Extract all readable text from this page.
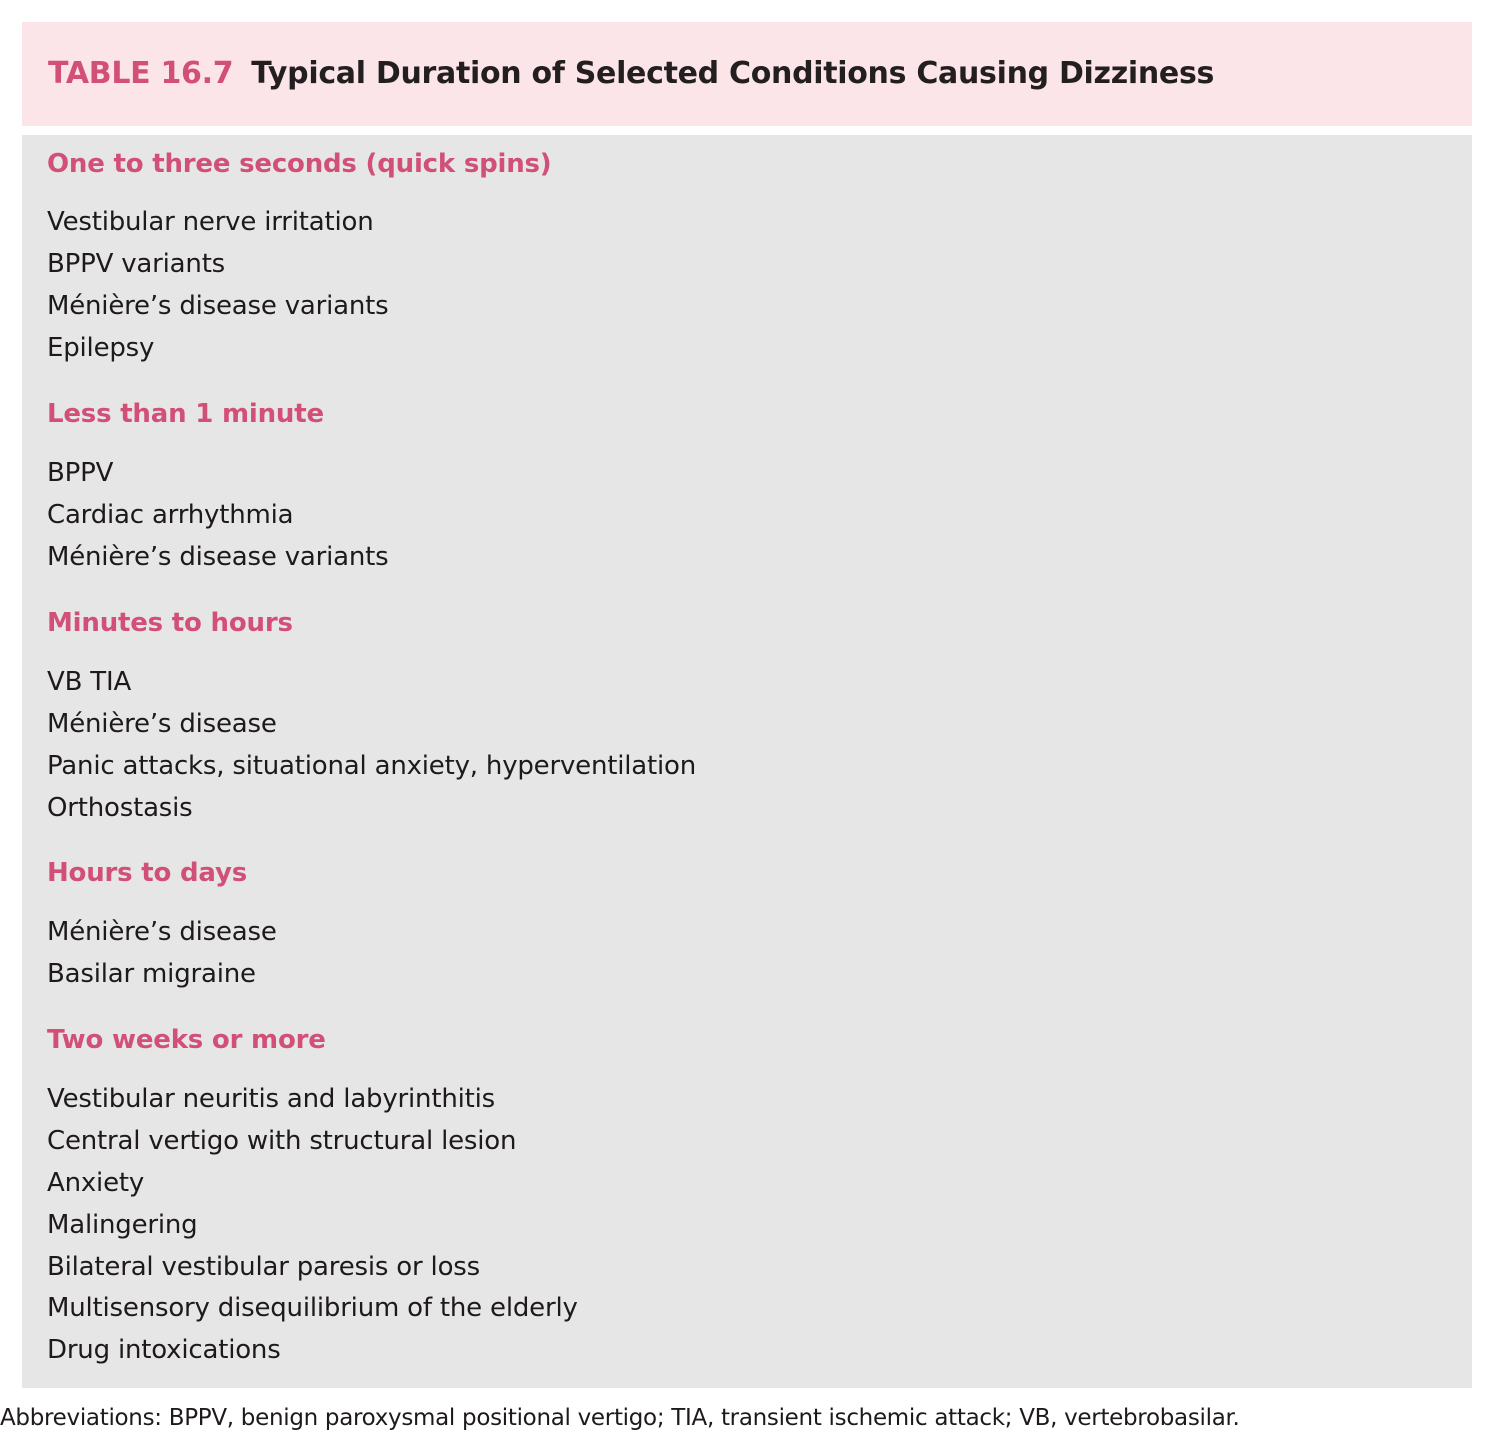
TABLE 16.7 Typical Duration of Selected Conditions Causing Dizziness
One to three seconds (quick spins)
Vestibular nerve irritation
BPPV variants
Ménière’s disease variants
Epilepsy
Less than 1 minute
BPPV
Cardiac arrhythmia
Ménière’s disease variants
Minutes to hours
VB TIA
Ménière’s disease
Panic attacks, situational anxiety, hyperventilation
Orthostasis
Hours to days
Ménière’s disease
Basilar migraine
Two weeks or more
Vestibular neuritis and labyrinthitis
Central vertigo with structural lesion
Anxiety
Malingering
Bilateral vestibular paresis or loss
Multisensory disequilibrium of the elderly
Drug intoxications
Abbreviations: BPPV, benign paroxysmal positional vertigo; TIA, transient ischemic attack; VB, vertebrobasilar.
